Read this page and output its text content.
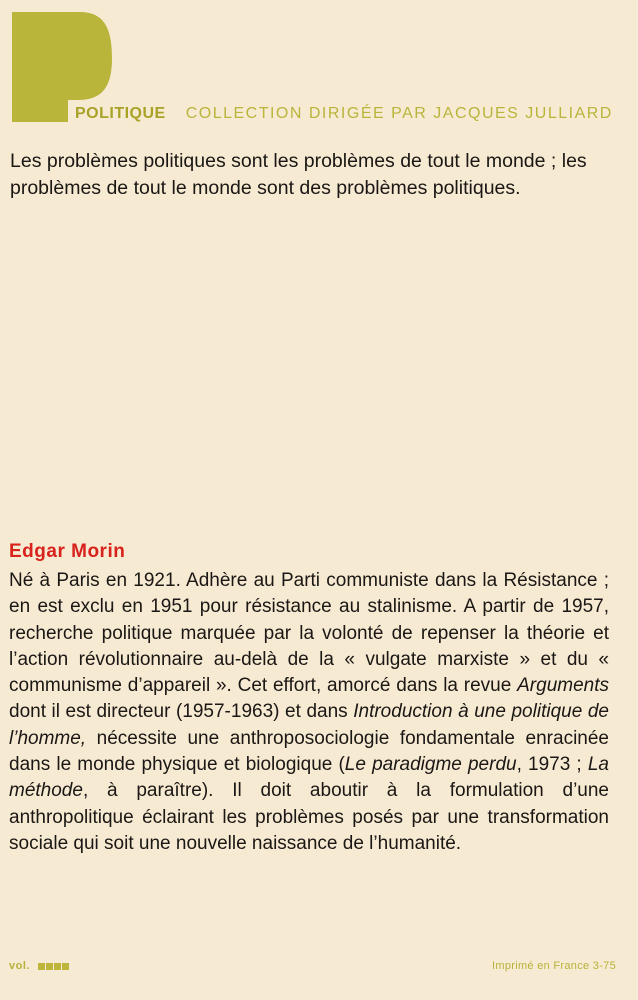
P
POLITIQUE COLLECTION DIRIGÉE PAR JACQUES JULLIARD
Les problèmes politiques sont les problèmes de tout le monde ; les problèmes de tout le monde sont des problèmes politiques.
Edgar Morin

Né à Paris en 1921. Adhère au Parti communiste dans la Résistance ; en est exclu en 1951 pour résistance au stalinisme. A partir de 1957, recherche politique marquée par la volonté de repenser la théorie et l’action révolutionnaire au-delà de la « vulgate marxiste » et du « communisme d’appareil ». Cet effort, amorcé dans la revue Arguments dont il est directeur (1957-1963) et dans Introduction à une politique de l’homme, nécessite une anthroposociologie fondamentale enracinée dans le monde physique et biologique (Le paradigme perdu, 1973 ; La méthode, à paraître). Il doit aboutir à la formulation d’une anthropolitique éclairant les problèmes posés par une transformation sociale qui soit une nouvelle naissance de l’humanité.

vol.	Imprimé en France 3-75
